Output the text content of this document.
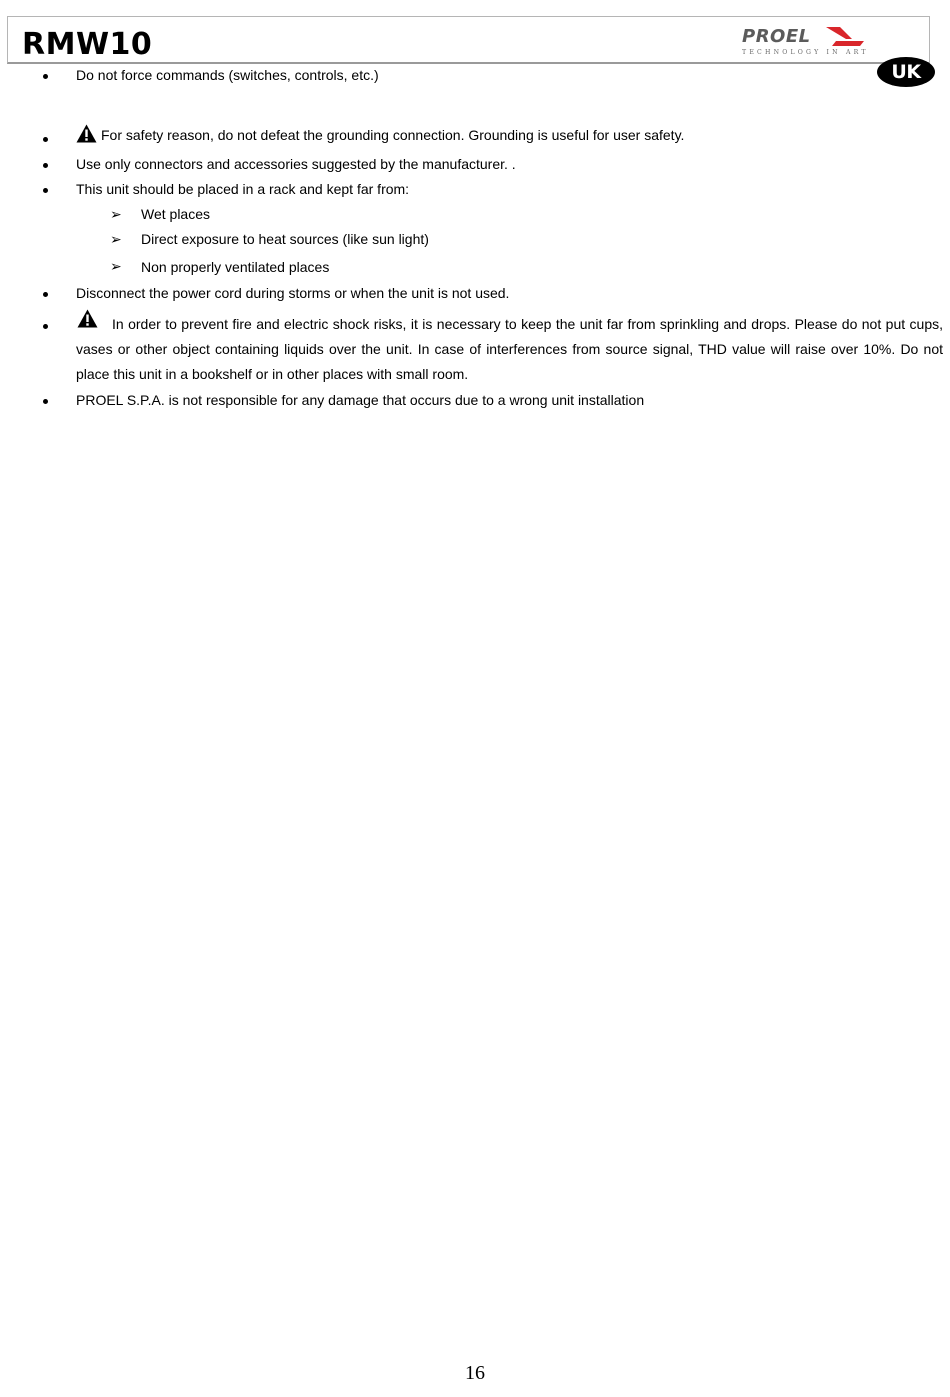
RMW10	PROEL
TECHNOLOGY IN ART
UK
Do not force commands (switches, controls, etc.)
For safety reason, do not defeat the grounding connection. Grounding is useful for user safety.
Use only connectors and accessories suggested by the manufacturer. .
This unit should be placed in a rack and kept far from:
➢ Wet places
➢ Direct exposure to heat sources (like sun light)
➢ Non properly ventilated places
Disconnect the power cord during storms or when the unit is not used.
In order to prevent fire and electric shock risks, it is necessary to keep the unit far from sprinkling and drops. Please do not put cups, vases or other object containing liquids over the unit. In case of interferences from source signal, THD value will raise over 10%. Do not place this unit in a bookshelf or in other places with small room.
PROEL S.P.A. is not responsible for any damage that occurs due to a wrong unit installation
16
